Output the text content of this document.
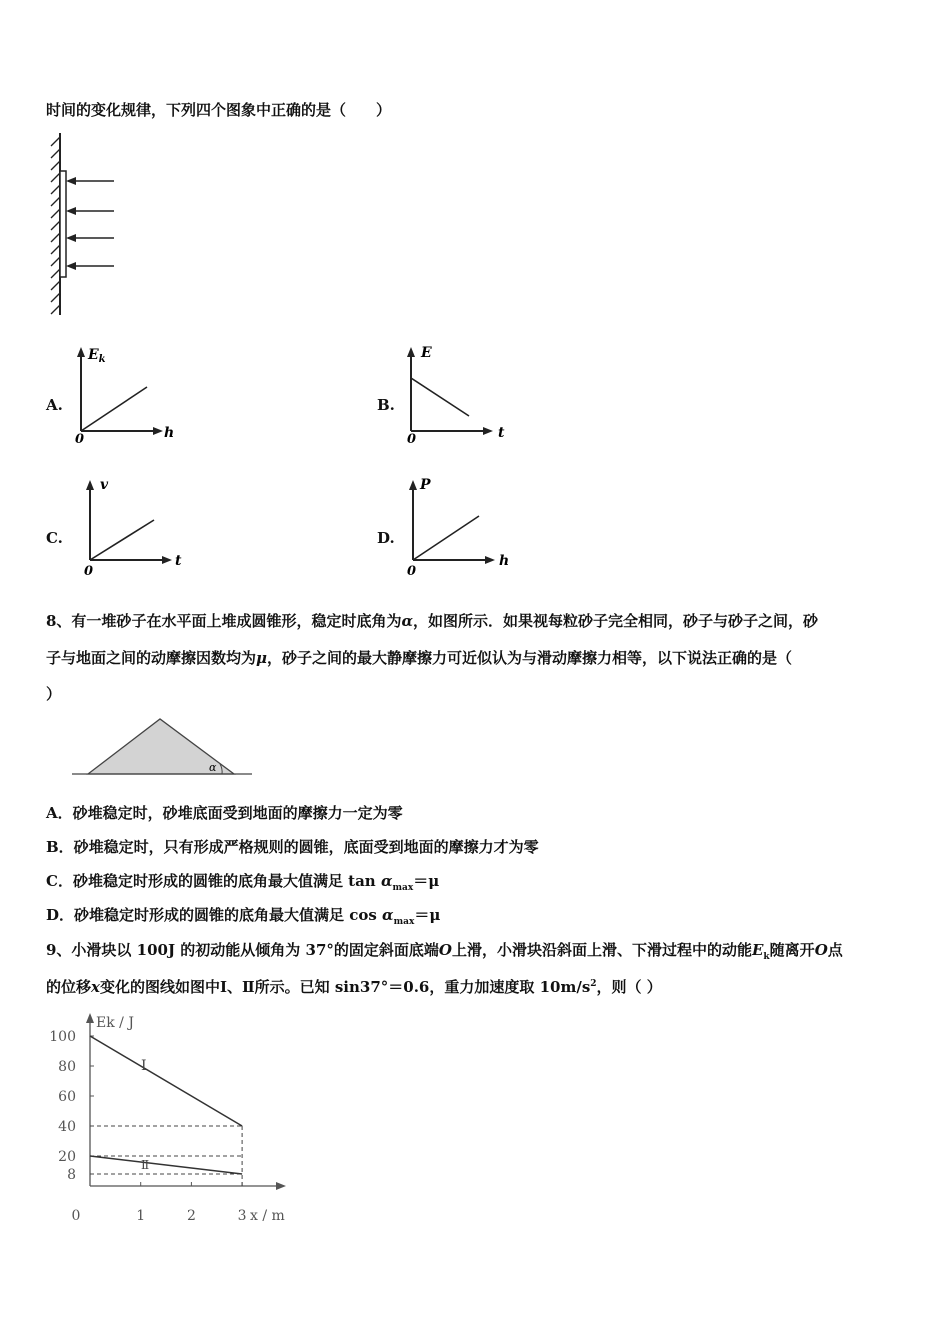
时间的变化规律，下列四个图象中正确的是（　　）
A.
$E_k$
h
0
B.
E
t
0
C.
v
t
0
D.
P
h
0
8、有一堆砂子在水平面上堆成圆锥形，稳定时底角为α，如图所示．如果视每粒砂子完全相同，砂子与砂子之间，砂
子与地面之间的动摩擦因数均为μ，砂子之间的最大静摩擦力可近似认为与滑动摩擦力相等，以下说法正确的是（
）
α
A．砂堆稳定时，砂堆底面受到地面的摩擦力一定为零
B．砂堆稳定时，只有形成严格规则的圆锥，底面受到地面的摩擦力才为零
C．砂堆稳定时形成的圆锥的底角最大值满足 $\tan \alpha_{max}=\mu$
D．砂堆稳定时形成的圆锥的底角最大值满足 $\cos \alpha_{max}=\mu$
9、小滑块以 100J 的初动能从倾角为 37°的固定斜面底端O上滑，小滑块沿斜面上滑、下滑过程中的动能$E_k$随离开O点
的位移x变化的图线如图中Ⅰ、Ⅱ所示。已知 sin37°＝0.6，重力加速度取 $10m/s^2$，则（ ）
Ek / J
x / m
100
80
60
40
20
8
0	1	2	3
Ⅰ
Ⅱ
